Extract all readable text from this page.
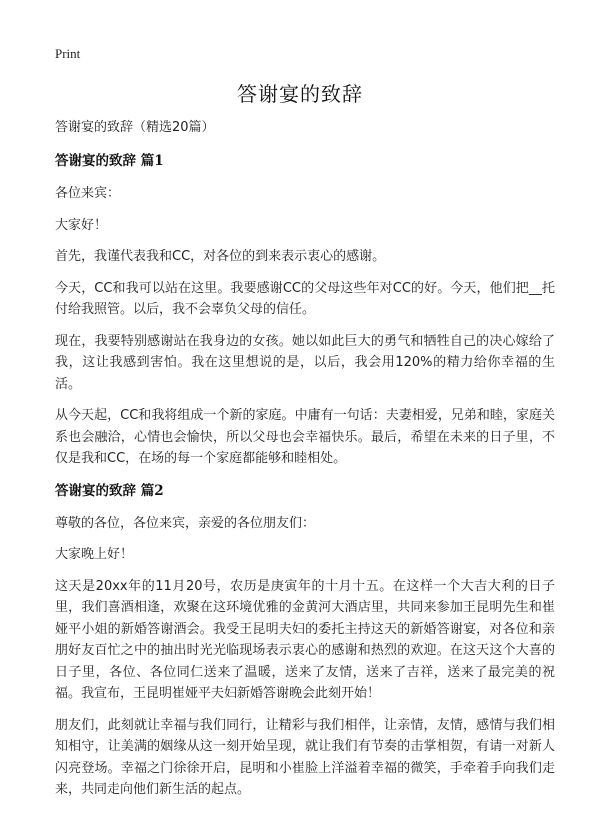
Print
答谢宴的致辞
答谢宴的致辞（精选20篇）
答谢宴的致辞 篇1

各位来宾：

大家好！

首先，我谨代表我和CC，对各位的到来表示衷心的感谢。

今天，CC和我可以站在这里。我要感谢CC的父母这些年对CC的好。今天，他们把__托付给我照管。以后，我不会辜负父母的信任。

现在，我要特别感谢站在我身边的女孩。她以如此巨大的勇气和牺牲自己的决心嫁给了我，这让我感到害怕。我在这里想说的是，以后，我会用120%的精力给你幸福的生活。

从今天起，CC和我将组成一个新的家庭。中庸有一句话：夫妻相爱，兄弟和睦，家庭关系也会融洽，心情也会愉快，所以父母也会幸福快乐。最后，希望在未来的日子里，不仅是我和CC，在场的每一个家庭都能够和睦相处。

答谢宴的致辞 篇2

尊敬的各位，各位来宾，亲爱的各位朋友们：

大家晚上好！

这天是20xx年的11月20号，农历是庚寅年的十月十五。在这样一个大吉大利的日子里，我们喜酒相逢，欢聚在这环境优雅的金黄河大酒店里，共同来参加王昆明先生和崔娅平小姐的新婚答谢酒会。我受王昆明夫妇的委托主持这天的新婚答谢宴，对各位和亲朋好友百忙之中的抽出时光光临现场表示衷心的感谢和热烈的欢迎。在这天这个大喜的日子里，各位、各位同仁送来了温暖，送来了友情，送来了吉祥，送来了最完美的祝福。我宣布，王昆明崔娅平夫妇新婚答谢晚会此刻开始！

朋友们，此刻就让幸福与我们同行，让精彩与我们相伴，让亲情，友情，感情与我们相知相守，让美满的姻缘从这一刻开始呈现，就让我们有节奏的击掌相贺，有请一对新人闪亮登场。幸福之门徐徐开启，昆明和小崔脸上洋溢着幸福的微笑，手牵着手向我们走来，共同走向他们新生活的起点。
